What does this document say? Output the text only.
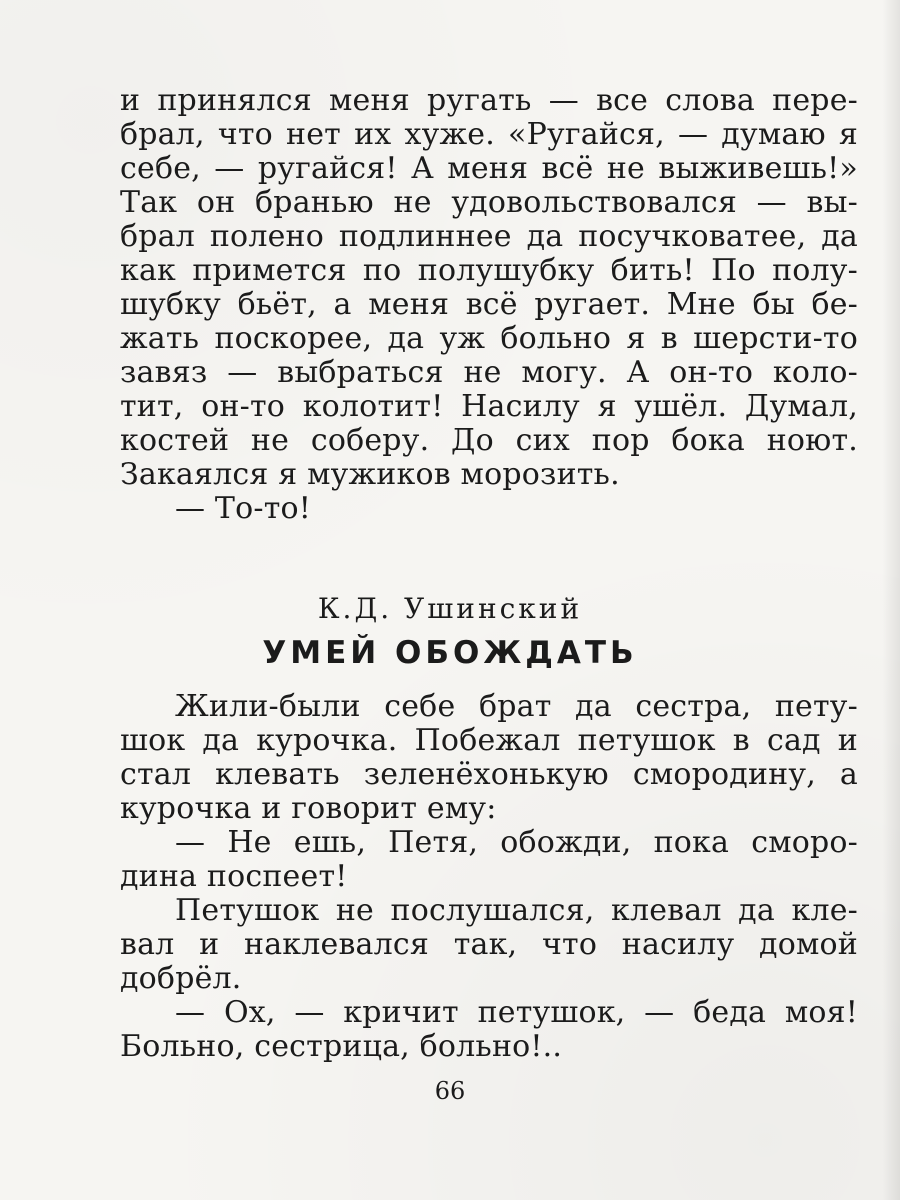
и принялся меня ругать — все слова пере-
брал, что нет их хуже. «Ругайся, — думаю я
себе, — ругайся! А меня всё не выживешь!»
Так он бранью не удовольствовался — вы-
брал полено подлиннее да посучковатее, да
как примется по полушубку бить! По полу-
шубку бьёт, а меня всё ругает. Мне бы бе-
жать поскорее, да уж больно я в шерсти-то
завяз — выбраться не могу. А он-то коло-
тит, он-то колотит! Насилу я ушёл. Думал,
костей не соберу. До сих пор бока ноют.
Закаялся я мужиков морозить.
— То-то!
К.Д. Ушинский
УМЕЙ ОБОЖДАТЬ
Жили-были себе брат да сестра, пету-
шок да курочка. Побежал петушок в сад и
стал клевать зеленёхонькую смородину, а
курочка и говорит ему:
— Не ешь, Петя, обожди, пока сморо-
дина поспеет!
Петушок не послушался, клевал да кле-
вал и наклевался так, что насилу домой
добрёл.
— Ох, — кричит петушок, — беда моя!
Больно, сестрица, больно!..
66
